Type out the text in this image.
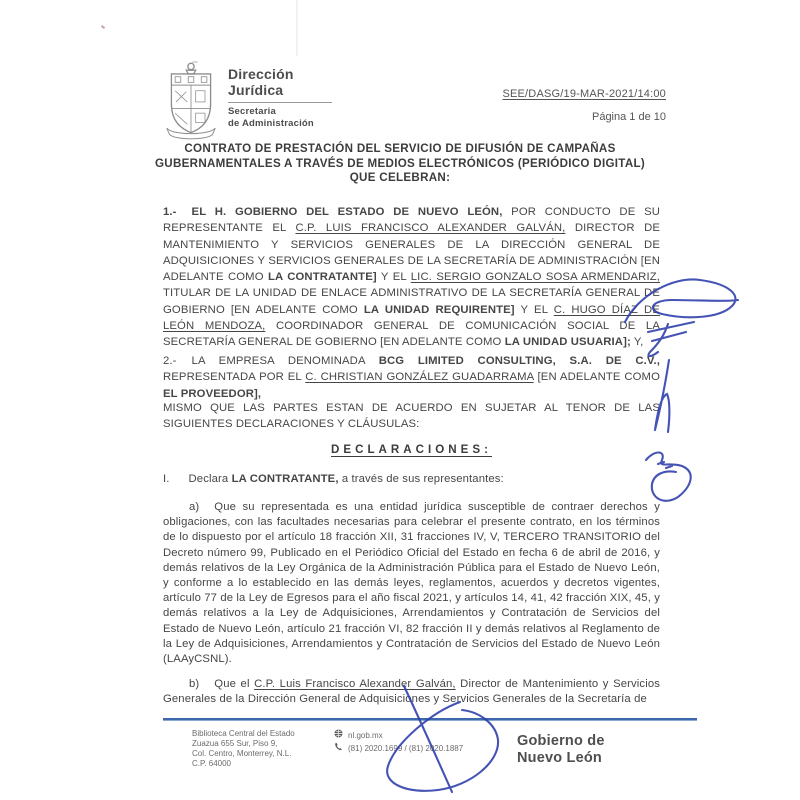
Dirección
Jurídica
Secretaria
de Administración
SEE/DASG/19-MAR-2021/14:00
Página 1 de 10
CONTRATO DE PRESTACIÓN DEL SERVICIO DE DIFUSIÓN DE CAMPAÑAS
GUBERNAMENTALES A TRAVÉS DE MEDIOS ELECTRÓNICOS (PERIÓDICO DIGITAL)
QUE CELEBRAN:
1.- EL H. GOBIERNO DEL ESTADO DE NUEVO LEÓN, POR CONDUCTO DE SU REPRESENTANTE EL C.P. LUIS FRANCISCO ALEXANDER GALVÁN, DIRECTOR DE MANTENIMIENTO Y SERVICIOS GENERALES DE LA DIRECCIÓN GENERAL DE ADQUISICIONES Y SERVICIOS GENERALES DE LA SECRETARÍA DE ADMINISTRACIÓN [EN ADELANTE COMO LA CONTRATANTE] Y EL LIC. SERGIO GONZALO SOSA ARMENDARIZ, TITULAR DE LA UNIDAD DE ENLACE ADMINISTRATIVO DE LA SECRETARÍA GENERAL DE GOBIERNO [EN ADELANTE COMO LA UNIDAD REQUIRENTE] Y EL C. HUGO DÍAZ DE LEÓN MENDOZA, COORDINADOR GENERAL DE COMUNICACIÓN SOCIAL DE LA SECRETARÍA GENERAL DE GOBIERNO [EN ADELANTE COMO LA UNIDAD USUARIA]; Y,
2.- LA EMPRESA DENOMINADA BCG LIMITED CONSULTING, S.A. DE C.V., REPRESENTADA POR EL C. CHRISTIAN GONZÁLEZ GUADARRAMA [EN ADELANTE COMO EL PROVEEDOR],
MISMO QUE LAS PARTES ESTAN DE ACUERDO EN SUJETAR AL TENOR DE LAS SIGUIENTES DECLARACIONES Y CLÁUSULAS:
DECLARACIONES:
I. Declara LA CONTRATANTE, a través de sus representantes:
a) Que su representada es una entidad jurídica susceptible de contraer derechos y obligaciones, con las facultades necesarias para celebrar el presente contrato, en los términos de lo dispuesto por el artículo 18 fracción XII, 31 fracciones IV, V, TERCERO TRANSITORIO del Decreto número 99, Publicado en el Periódico Oficial del Estado en fecha 6 de abril de 2016, y demás relativos de la Ley Orgánica de la Administración Pública para el Estado de Nuevo León, y conforme a lo establecido en las demás leyes, reglamentos, acuerdos y decretos vigentes, artículo 77 de la Ley de Egresos para el año fiscal 2021, y artículos 14, 41, 42 fracción XIX, 45, y demás relativos a la Ley de Adquisiciones, Arrendamientos y Contratación de Servicios del Estado de Nuevo León, artículo 21 fracción VI, 82 fracción II y demás relativos al Reglamento de la Ley de Adquisiciones, Arrendamientos y Contratación de Servicios del Estado de Nuevo León (LAAyCSNL).
b) Que el C.P. Luis Francisco Alexander Galván, Director de Mantenimiento y Servicios Generales de la Dirección General de Adquisiciones y Servicios Generales de la Secretaría de
Biblioteca Central del Estado
Zuazua 655 Sur, Piso 9,
Col. Centro, Monterrey, N.L.
C.P. 64000
nl.gob.mx
(81) 2020.1699 / (81) 2020.1887	Gobierno de
Nuevo León
